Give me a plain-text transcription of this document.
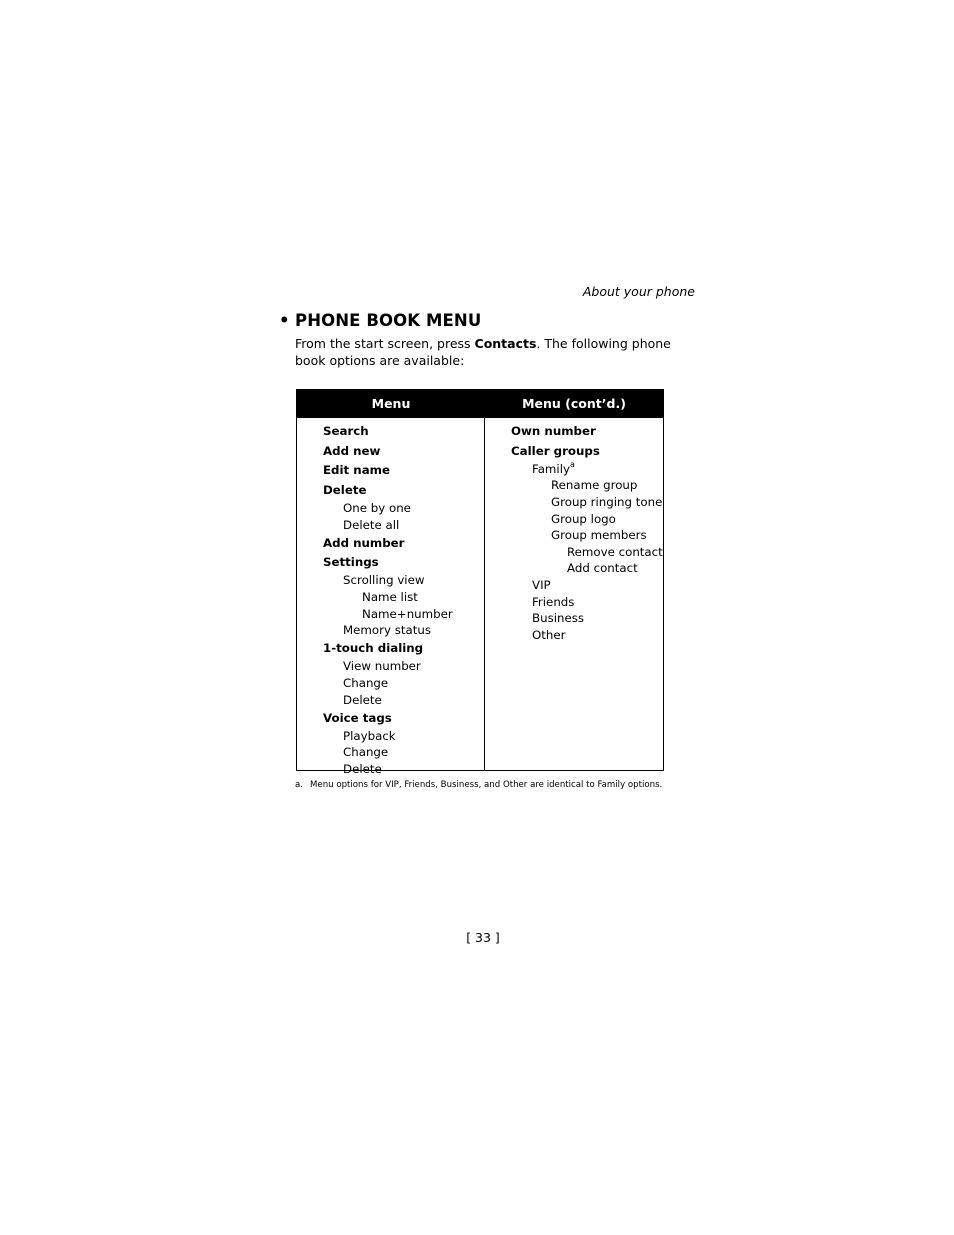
About your phone
• PHONE BOOK MENU
From the start screen, press Contacts. The following phone book options are available:
Menu	Menu (cont’d.)
Search
Add new
Edit name
Delete
One by one
Delete all
Add number
Settings
Scrolling view
Name list
Name+number
Memory status
1-touch dialing
View number
Change
Delete
Voice tags
Playback
Change
Delete
Own number
Caller groups
Family$^a$
Rename group
Group ringing tone
Group logo
Group members
Remove contact
Add contact
VIP
Friends
Business
Other
a. Menu options for VIP, Friends, Business, and Other are identical to Family options.
[ 33 ]
